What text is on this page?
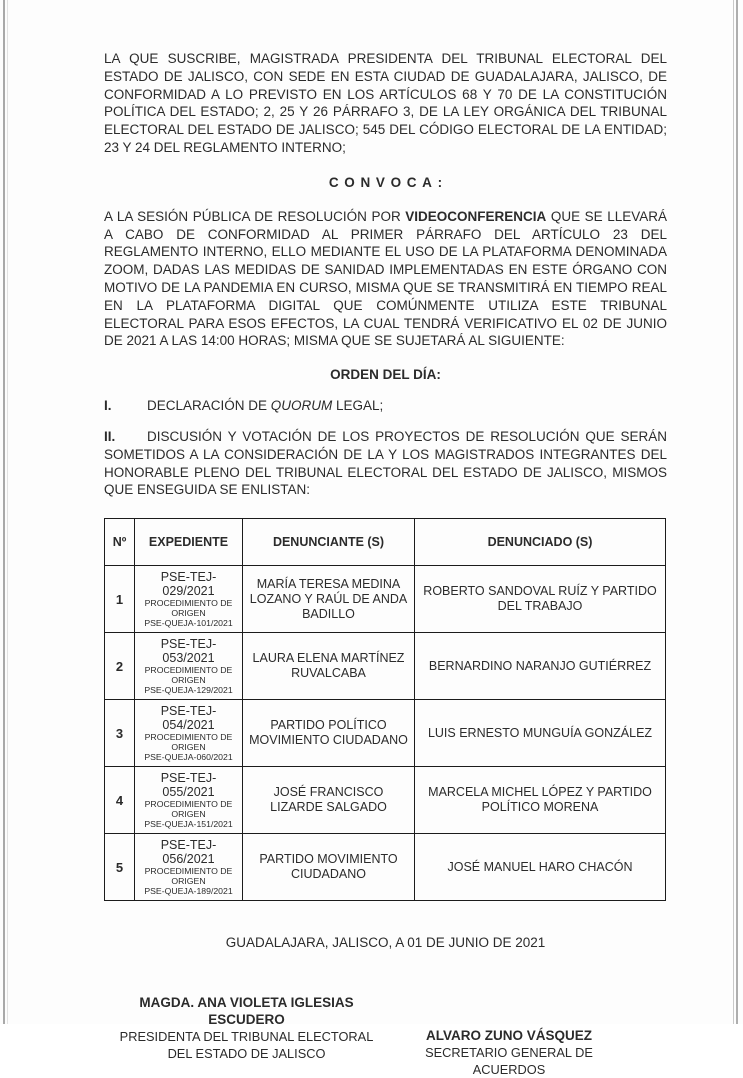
LA QUE SUSCRIBE, MAGISTRADA PRESIDENTA DEL TRIBUNAL ELECTORAL DEL ESTADO DE JALISCO, CON SEDE EN ESTA CIUDAD DE GUADALAJARA, JALISCO, DE CONFORMIDAD A LO PREVISTO EN LOS ARTÍCULOS 68 Y 70 DE LA CONSTITUCIÓN POLÍTICA DEL ESTADO; 2, 25 Y 26 PÁRRAFO 3, DE LA LEY ORGÁNICA DEL TRIBUNAL ELECTORAL DEL ESTADO DE JALISCO; 545 DEL CÓDIGO ELECTORAL DE LA ENTIDAD; 23 Y 24 DEL REGLAMENTO INTERNO;

CONVOCA:

A LA SESIÓN PÚBLICA DE RESOLUCIÓN POR VIDEOCONFERENCIA QUE SE LLEVARÁ A CABO DE CONFORMIDAD AL PRIMER PÁRRAFO DEL ARTÍCULO 23 DEL REGLAMENTO INTERNO, ELLO MEDIANTE EL USO DE LA PLATAFORMA DENOMINADA ZOOM, DADAS LAS MEDIDAS DE SANIDAD IMPLEMENTADAS EN ESTE ÓRGANO CON MOTIVO DE LA PANDEMIA EN CURSO, MISMA QUE SE TRANSMITIRÁ EN TIEMPO REAL EN LA PLATAFORMA DIGITAL QUE COMÚNMENTE UTILIZA ESTE TRIBUNAL ELECTORAL PARA ESOS EFECTOS, LA CUAL TENDRÁ VERIFICATIVO EL 02 DE JUNIO DE 2021 A LAS 14:00 HORAS; MISMA QUE SE SUJETARÁ AL SIGUIENTE:

ORDEN DEL DÍA:
I.	DECLARACIÓN DE QUORUM LEGAL;
II. DISCUSIÓN Y VOTACIÓN DE LOS PROYECTOS DE RESOLUCIÓN QUE SERÁN SOMETIDOS A LA CONSIDERACIÓN DE LA Y LOS MAGISTRADOS INTEGRANTES DEL HONORABLE PLENO DEL TRIBUNAL ELECTORAL DEL ESTADO DE JALISCO, MISMOS QUE ENSEGUIDA SE ENLISTAN:
Nº	EXPEDIENTE	DENUNCIANTE (S)	DENUNCIADO (S)
1	PSE-TEJ-029/2021
PROCEDIMIENTO DE ORIGEN
PSE-QUEJA-101/2021	MARÍA TERESA MEDINA LOZANO Y RAÚL DE ANDA BADILLO	ROBERTO SANDOVAL RUÍZ Y PARTIDO DEL TRABAJO
2	PSE-TEJ-053/2021
PROCEDIMIENTO DE ORIGEN
PSE-QUEJA-129/2021	LAURA ELENA MARTÍNEZ RUVALCABA	BERNARDINO NARANJO GUTIÉRREZ
3	PSE-TEJ-054/2021
PROCEDIMIENTO DE ORIGEN
PSE-QUEJA-060/2021	PARTIDO POLÍTICO MOVIMIENTO CIUDADANO	LUIS ERNESTO MUNGUÍA GONZÁLEZ
4	PSE-TEJ-055/2021
PROCEDIMIENTO DE ORIGEN
PSE-QUEJA-151/2021	JOSÉ FRANCISCO LIZARDE SALGADO	MARCELA MICHEL LÓPEZ Y PARTIDO POLÍTICO MORENA
5	PSE-TEJ-056/2021
PROCEDIMIENTO DE ORIGEN
PSE-QUEJA-189/2021	PARTIDO MOVIMIENTO CIUDADANO	JOSÉ MANUEL HARO CHACÓN
GUADALAJARA, JALISCO, A 01 DE JUNIO DE 2021
MAGDA. ANA VIOLETA IGLESIAS ESCUDERO
PRESIDENTA DEL TRIBUNAL ELECTORAL
DEL ESTADO DE JALISCO
ALVARO ZUNO VÁSQUEZ
SECRETARIO GENERAL DE ACUERDOS
